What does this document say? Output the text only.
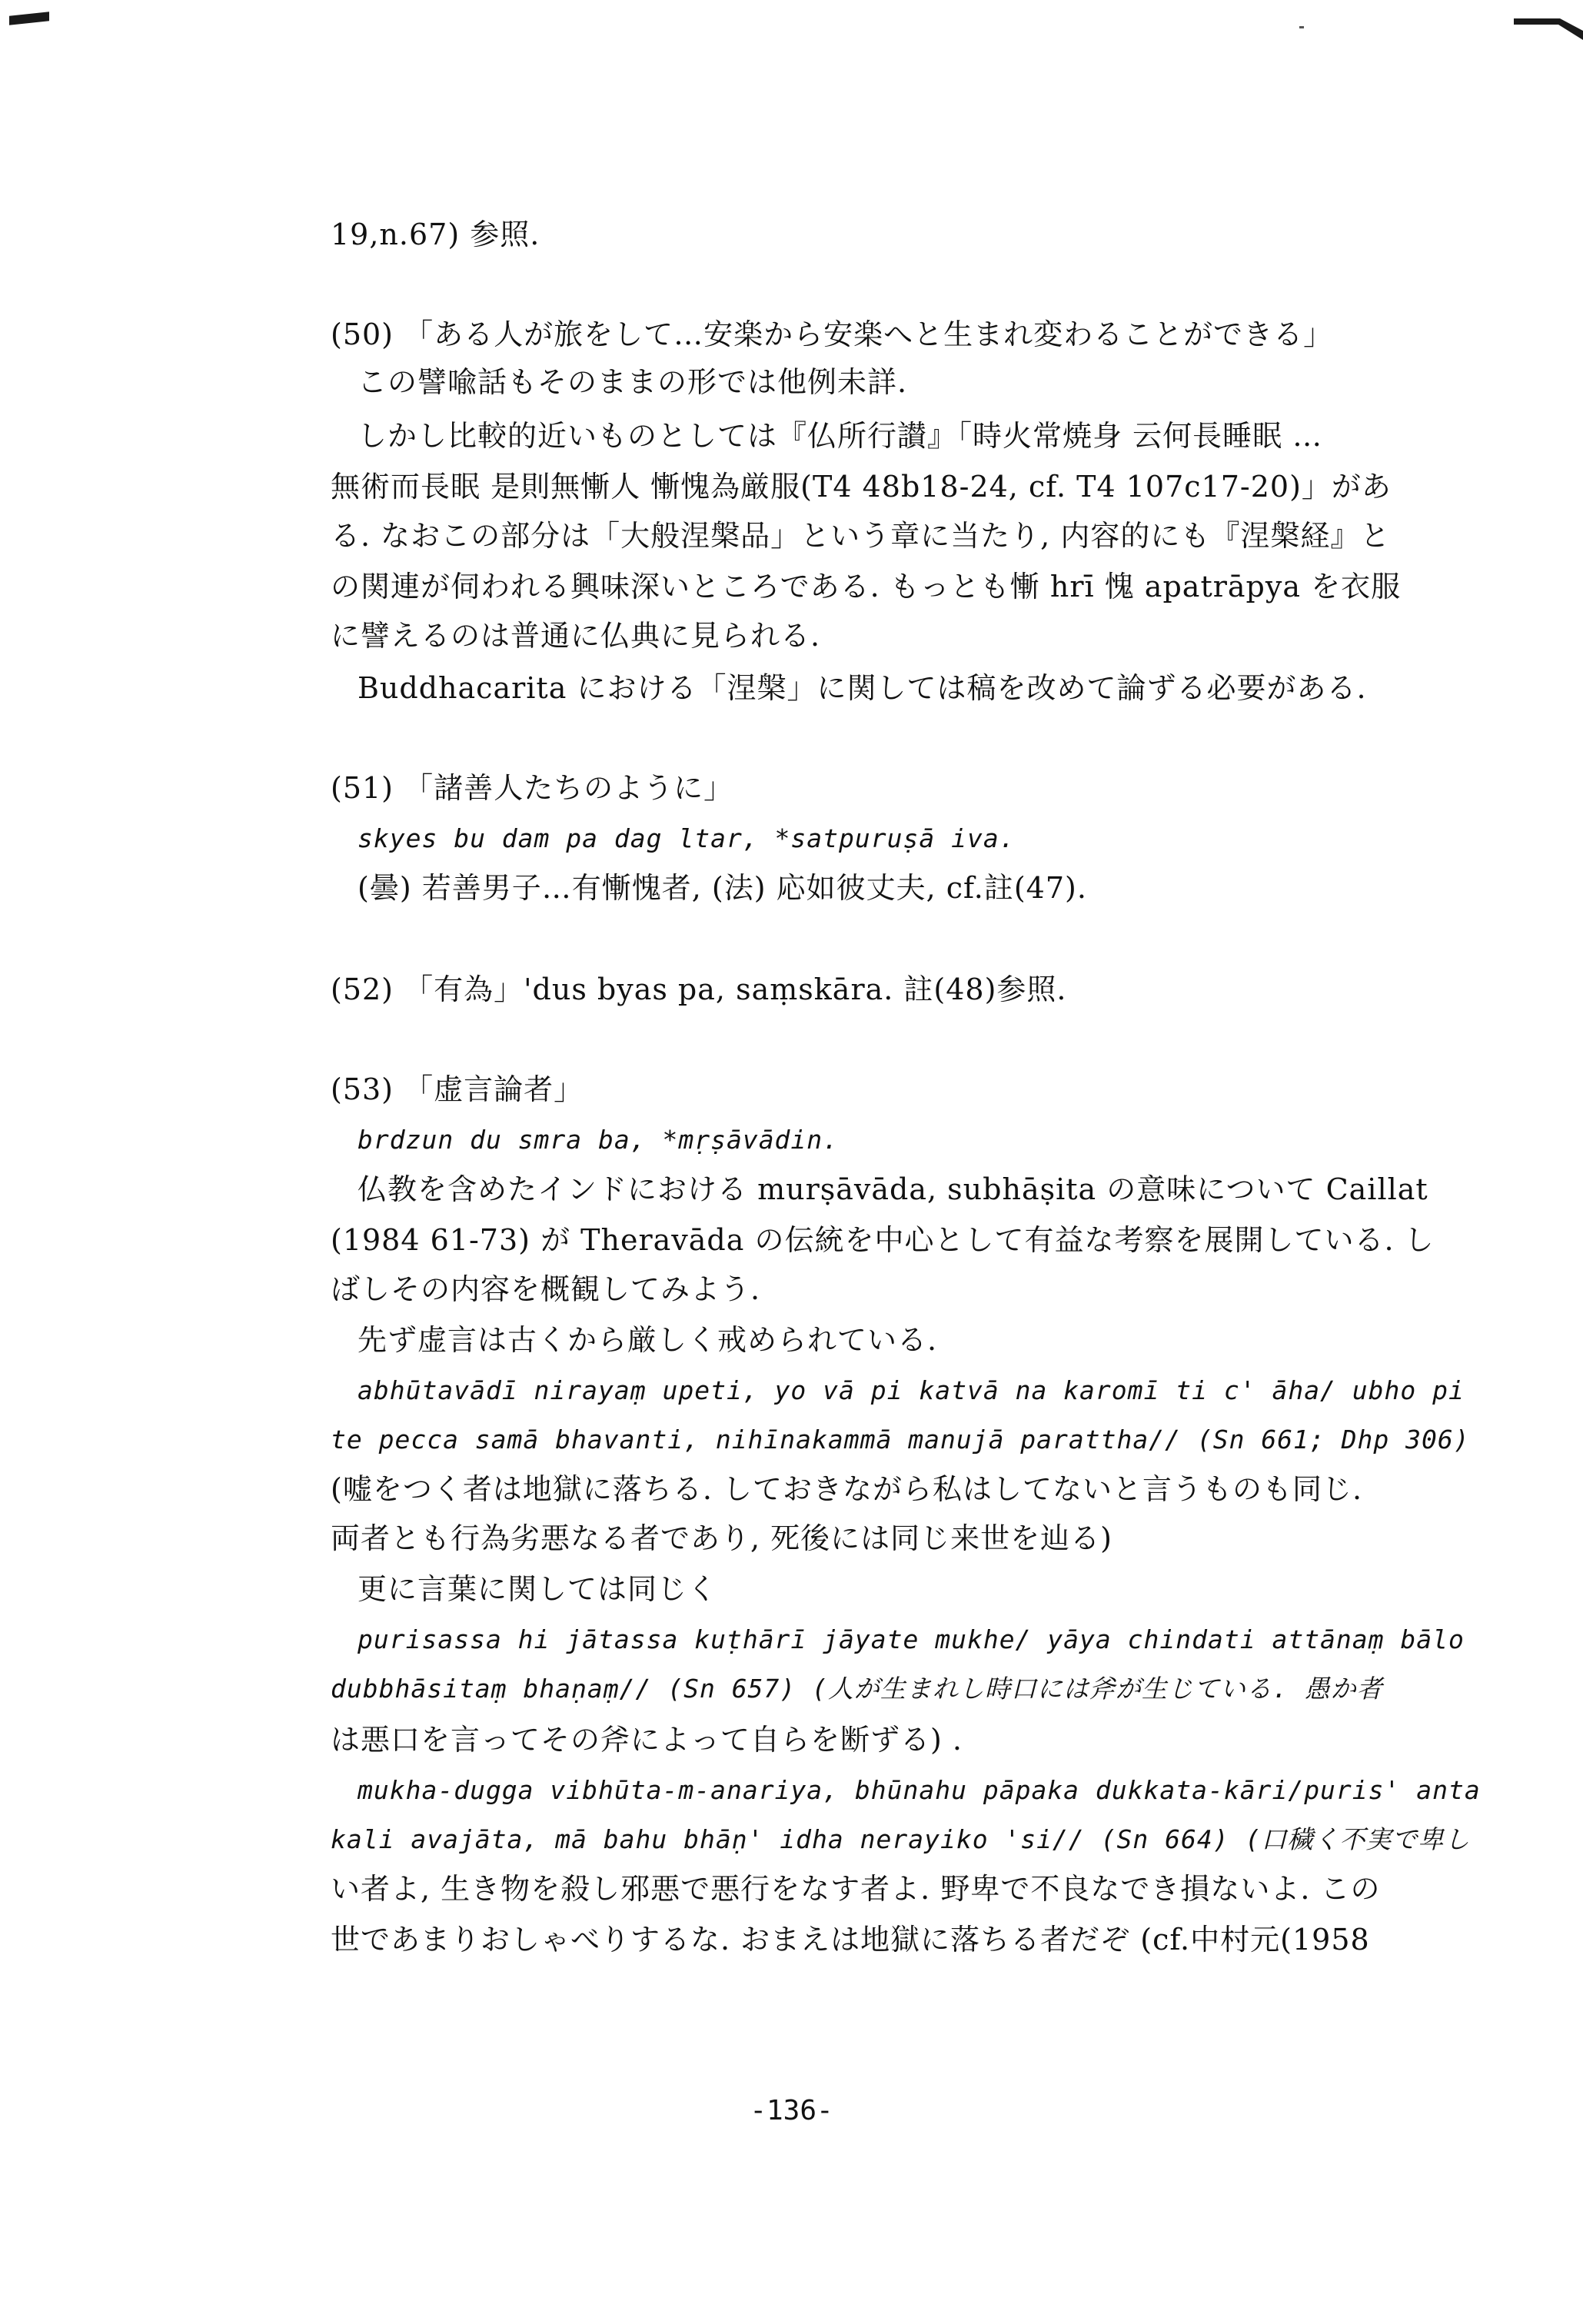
19,n.67) 参照.
(50) 「ある人が旅をして…安楽から安楽へと生まれ変わることができる」
この譬喩話もそのままの形では他例未詳.
しかし比較的近いものとしては『仏所行讃』「時火常焼身 云何長睡眠 …
無術而長眠 是則無慚人 慚愧為厳服(T4 48b18-24, cf. T4 107c17-20)」があ
る. なおこの部分は「大般涅槃品」という章に当たり, 内容的にも『涅槃経』と
の関連が伺われる興味深いところである. もっとも慚 hrī 愧 apatrāpya を衣服
に譬えるのは普通に仏典に見られる.
Buddhacarita における「涅槃」に関しては稿を改めて論ずる必要がある.
(51) 「諸善人たちのように」
skyes bu dam pa dag ltar, *satpuruṣā iva.
(曇) 若善男子…有慚愧者, (法) 応如彼丈夫, cf.註(47).
(52) 「有為」'dus byas pa, saṃskāra. 註(48)参照.
(53) 「虚言論者」
brdzun du smra ba, *mṛṣāvādin.
仏教を含めたインドにおける murṣāvāda, subhāṣita の意味について Caillat
(1984 61-73) が Theravāda の伝統を中心として有益な考察を展開している. し
ばしその内容を概観してみよう.
先ず虚言は古くから厳しく戒められている.
abhūtavādī nirayaṃ upeti, yo vā pi katvā na karomī ti c' āha/ ubho pi
te pecca samā bhavanti, nihīnakammā manujā parattha// (Sn 661; Dhp 306)
(嘘をつく者は地獄に落ちる. しておきながら私はしてないと言うものも同じ.
両者とも行為劣悪なる者であり, 死後には同じ来世を辿る)
更に言葉に関しては同じく
purisassa hi jātassa kuṭhārī jāyate mukhe/ yāya chindati attānaṃ bālo
dubbhāsitaṃ bhaṇaṃ// (Sn 657) (人が生まれし時口には斧が生じている. 愚か者
は悪口を言ってその斧によって自らを断ずる) .
mukha-dugga vibhūta-m-anariya, bhūnahu pāpaka dukkata-kāri/puris' anta
kali avajāta, mā bahu bhāṇ' idha nerayiko 'si// (Sn 664) (口穢く不実で卑し
い者よ, 生き物を殺し邪悪で悪行をなす者よ. 野卑で不良なでき損ないよ. この
世であまりおしゃべりするな. おまえは地獄に落ちる者だぞ (cf.中村元(1958
-136-
